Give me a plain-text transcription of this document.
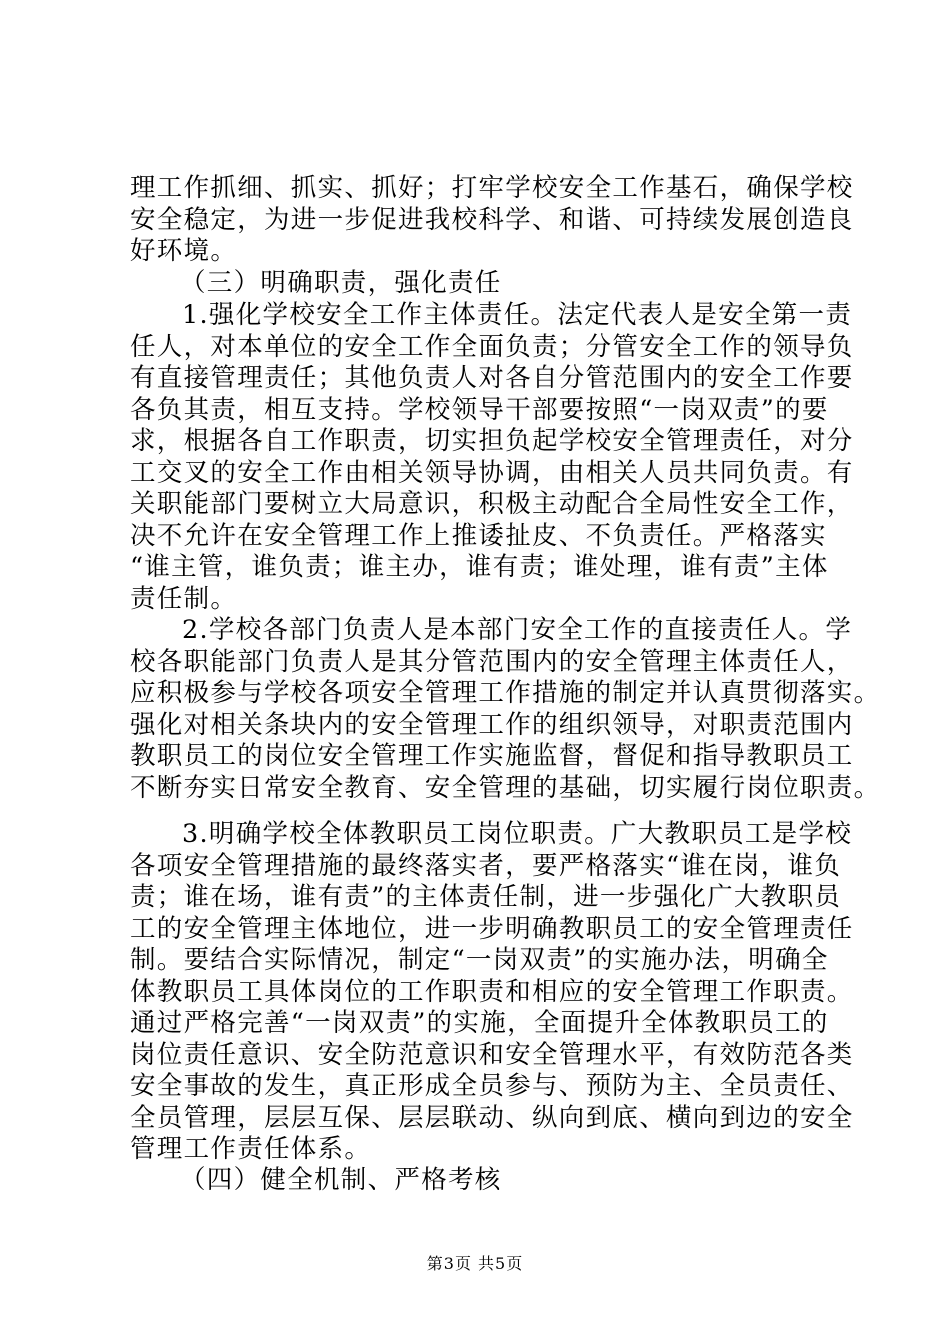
理工作抓细、抓实、抓好；打牢学校安全工作基石，确保学校
安全稳定，为进一步促进我校科学、和谐、可持续发展创造良
好环境。
（三）明确职责，强化责任
1.强化学校安全工作主体责任。法定代表人是安全第一责
任人，对本单位的安全工作全面负责；分管安全工作的领导负
有直接管理责任；其他负责人对各自分管范围内的安全工作要
各负其责，相互支持。学校领导干部要按照“一岗双责”的要
求，根据各自工作职责，切实担负起学校安全管理责任，对分
工交叉的安全工作由相关领导协调，由相关人员共同负责。有
关职能部门要树立大局意识，积极主动配合全局性安全工作，
决不允许在安全管理工作上推诿扯皮、不负责任。严格落实
“谁主管，谁负责；谁主办，谁有责；谁处理，谁有责”主体
责任制。
2.学校各部门负责人是本部门安全工作的直接责任人。学
校各职能部门负责人是其分管范围内的安全管理主体责任人，
应积极参与学校各项安全管理工作措施的制定并认真贯彻落实。
强化对相关条块内的安全管理工作的组织领导，对职责范围内
教职员工的岗位安全管理工作实施监督，督促和指导教职员工
不断夯实日常安全教育、安全管理的基础，切实履行岗位职责。
3.明确学校全体教职员工岗位职责。广大教职员工是学校
各项安全管理措施的最终落实者，要严格落实“谁在岗，谁负
责；谁在场，谁有责”的主体责任制，进一步强化广大教职员
工的安全管理主体地位，进一步明确教职员工的安全管理责任
制。要结合实际情况，制定“一岗双责”的实施办法，明确全
体教职员工具体岗位的工作职责和相应的安全管理工作职责。
通过严格完善“一岗双责”的实施，全面提升全体教职员工的
岗位责任意识、安全防范意识和安全管理水平，有效防范各类
安全事故的发生，真正形成全员参与、预防为主、全员责任、
全员管理，层层互保、层层联动、纵向到底、横向到边的安全
管理工作责任体系。
（四）健全机制、严格考核
第3页 共5页
